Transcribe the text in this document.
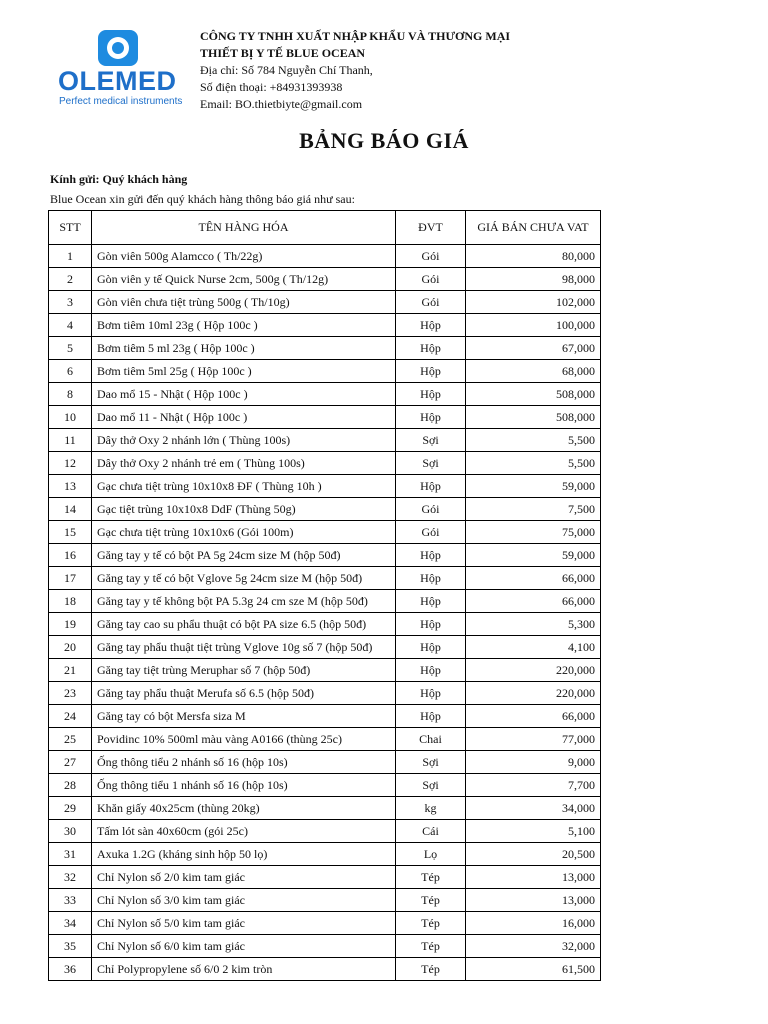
OLEMED
Perfect medical instruments
CÔNG TY TNHH XUẤT NHẬP KHẨU VÀ THƯƠNG MẠI
THIẾT BỊ Y TẾ BLUE OCEAN
Địa chỉ: Số 784 Nguyễn Chí Thanh,
Số điện thoại: +84931393938
Email: BO.thietbiyte@gmail.com
BẢNG BÁO GIÁ
Kính gửi: Quý khách hàng
Blue Ocean xin gửi đến quý khách hàng thông báo giá như sau:
STT	TÊN HÀNG HÓA	ĐVT	GIÁ BÁN CHƯA VAT
1	Gòn viên 500g Alamcco ( Th/22g)	Gói	80,000
2	Gòn viên y tế Quick Nurse 2cm, 500g ( Th/12g)	Gói	98,000
3	Gòn viên chưa tiệt trùng 500g ( Th/10g)	Gói	102,000
4	Bơm tiêm 10ml 23g ( Hộp 100c )	Hộp	100,000
5	Bơm tiêm 5 ml 23g ( Hộp 100c )	Hộp	67,000
6	Bơm tiêm 5ml 25g ( Hộp 100c )	Hộp	68,000
8	Dao mổ 15 - Nhật ( Hộp 100c )	Hộp	508,000
10	Dao mổ 11 - Nhật ( Hộp 100c )	Hộp	508,000
11	Dây thở Oxy 2 nhánh lớn ( Thùng 100s)	Sợi	5,500
12	Dây thở Oxy 2 nhánh trẻ em ( Thùng 100s)	Sợi	5,500
13	Gạc chưa tiệt trùng 10x10x8 ĐF ( Thùng 10h )	Hộp	59,000
14	Gạc tiệt trùng 10x10x8 DdF (Thùng 50g)	Gói	7,500
15	Gạc chưa tiệt trùng 10x10x6 (Gói 100m)	Gói	75,000
16	Găng tay y tế có bột PA 5g 24cm size M (hộp 50đ)	Hộp	59,000
17	Găng tay y tế có bột Vglove 5g 24cm size M (hộp 50đ)	Hộp	66,000
18	Găng tay y tế không bột PA 5.3g 24 cm sze M (hộp 50đ)	Hộp	66,000
19	Găng tay cao su phẩu thuật có bột PA size 6.5 (hộp 50đ)	Hộp	5,300
20	Găng tay phẩu thuật tiệt trùng Vglove 10g số 7 (hộp 50đ)	Hộp	4,100
21	Găng tay tiệt trùng Meruphar số 7 (hộp 50đ)	Hộp	220,000
23	Găng tay phẩu thuật Merufa số 6.5 (hộp 50đ)	Hộp	220,000
24	Găng tay có bột Mersfa siza M	Hộp	66,000
25	Povidinc 10% 500ml màu vàng A0166 (thùng 25c)	Chai	77,000
27	Ống thông tiểu 2 nhánh số 16 (hộp 10s)	Sợi	9,000
28	Ống thông tiểu 1 nhánh số 16 (hộp 10s)	Sợi	7,700
29	Khăn giấy 40x25cm (thùng 20kg)	kg	34,000
30	Tấm lót sàn 40x60cm (gói 25c)	Cái	5,100
31	Axuka 1.2G (kháng sinh hộp 50 lọ)	Lọ	20,500
32	Chỉ Nylon số 2/0 kim tam giác	Tép	13,000
33	Chỉ Nylon số 3/0 kim tam giác	Tép	13,000
34	Chỉ Nylon số 5/0 kim tam giác	Tép	16,000
35	Chỉ Nylon số 6/0 kim tam giác	Tép	32,000
36	Chỉ Polypropylene số 6/0 2 kim tròn	Tép	61,500
